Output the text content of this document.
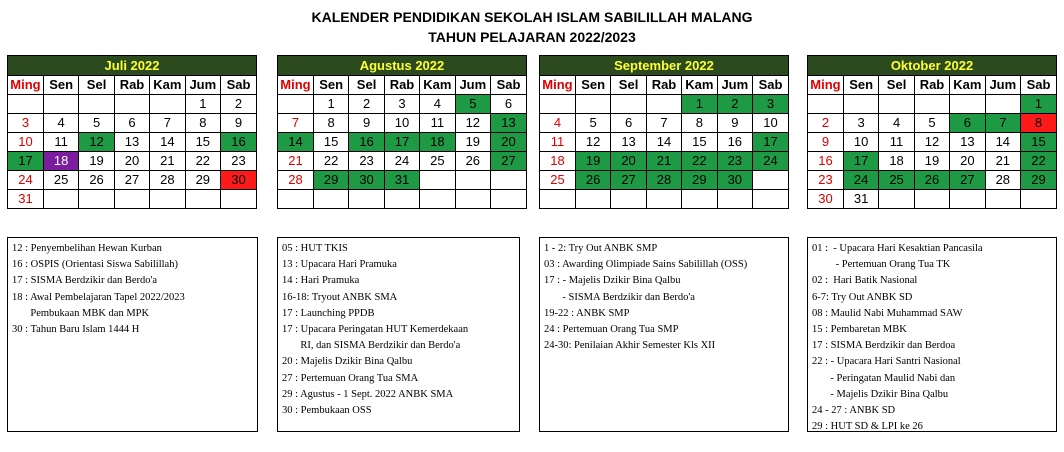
KALENDER PENDIDIKAN SEKOLAH ISLAM SABILILLAH MALANG
TAHUN PELAJARAN 2022/2023
Juli 2022
Ming	Sen	Sel	Rab	Kam	Jum	Sab
					1	2
3	4	5	6	7	8	9
10	11	12	13	14	15	16
17	18	19	20	21	22	23
24	25	26	27	28	29	30
31						
Agustus 2022
Ming	Sen	Sel	Rab	Kam	Jum	Sab
	1	2	3	4	5	6
7	8	9	10	11	12	13
14	15	16	17	18	19	20
21	22	23	24	25	26	27
28	29	30	31			

September 2022
Ming	Sen	Sel	Rab	Kam	Jum	Sab
				1	2	3
4	5	6	7	8	9	10
11	12	13	14	15	16	17
18	19	20	21	22	23	24
25	26	27	28	29	30	

Oktober 2022
Ming	Sen	Sel	Rab	Kam	Jum	Sab
						1
2	3	4	5	6	7	8
9	10	11	12	13	14	15
16	17	18	19	20	21	22
23	24	25	26	27	28	29
30	31					
12 : Penyembelihan Hewan Kurban
16 : OSPIS (Orientasi Siswa Sabilillah)
17 : SISMA Berdzikir dan Berdo'a
18 : Awal Pembelajaran Tapel 2022/2023
Pembukaan MBK dan MPK
30 : Tahun Baru Islam 1444 H
05 : HUT TKIS
13 : Upacara Hari Pramuka
14 : Hari Pramuka
16-18: Tryout ANBK SMA
17 : Launching PPDB
17 : Upacara Peringatan HUT Kemerdekaan
RI, dan SISMA Berdzikir dan Berdo'a
20 : Majelis Dzikir Bina Qalbu
27 : Pertemuan Orang Tua SMA
29 : Agustus - 1 Sept. 2022 ANBK SMA
30 : Pembukaan OSS
1 - 2: Try Out ANBK SMP
03 : Awarding Olimpiade Sains Sabilillah (OSS)
17 : - Majelis Dzikir Bina Qalbu
- SISMA Berdzikir dan Berdo'a
19-22 : ANBK SMP
24 : Pertemuan Orang Tua SMP
24-30: Penilaian Akhir Semester Kls XII
01 :  - Upacara Hari Kesaktian Pancasila
- Pertemuan Orang Tua TK
02 :  Hari Batik Nasional
6-7: Try Out ANBK SD
08 : Maulid Nabi Muhammad SAW
15 : Pembaretan MBK
17 : SISMA Berdzikir dan Berdoa
22 : - Upacara Hari Santri Nasional
- Peringatan Maulid Nabi dan
- Majelis Dzikir Bina Qalbu
24 - 27 : ANBK SD
29 : HUT SD & LPI ke 26
